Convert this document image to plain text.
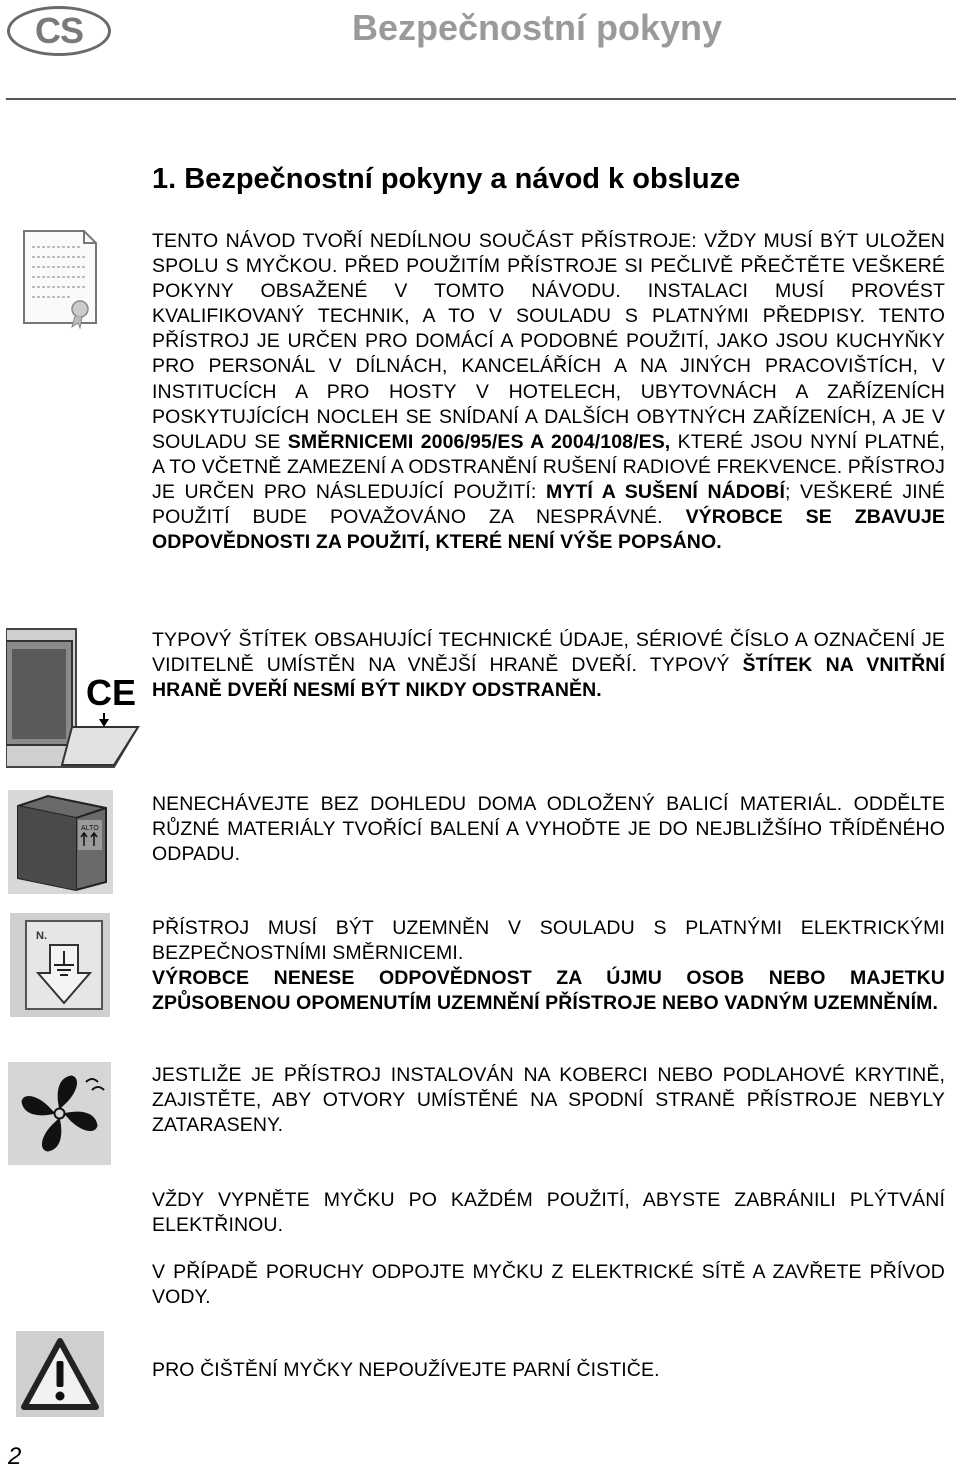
CS	Bezpečnostní pokyny
1. Bezpečnostní pokyny a návod k obsluze
CE
ALTO
N.
TENTO NÁVOD TVOŘÍ NEDÍLNOU SOUČÁST PŘÍSTROJE: VŽDY MUSÍ BÝT ULOŽEN SPOLU S MYČKOU. PŘED POUŽITÍM PŘÍSTROJE SI PEČLIVĚ PŘEČTĚTE VEŠKERÉ POKYNY OBSAŽENÉ V TOMTO NÁVODU. INSTALACI MUSÍ PROVÉST KVALIFIKOVANÝ TECHNIK, A TO V SOULADU S PLATNÝMI PŘEDPISY. TENTO PŘÍSTROJ JE URČEN PRO DOMÁCÍ A PODOBNÉ POUŽITÍ, JAKO JSOU KUCHYŇKY PRO PERSONÁL V DÍLNÁCH, KANCELÁŘÍCH A NA JINÝCH PRACOVIŠTÍCH, V INSTITUCÍCH A PRO HOSTY V HOTELECH, UBYTOVNÁCH A ZAŘÍZENÍCH POSKYTUJÍCÍCH NOCLEH SE SNÍDANÍ A DALŠÍCH OBYTNÝCH ZAŘÍZENÍCH, A JE V SOULADU SE SMĚRNICEMI 2006/95/ES A 2004/108/ES, KTERÉ JSOU NYNÍ PLATNÉ, A TO VČETNĚ ZAMEZENÍ A ODSTRANĚNÍ RUŠENÍ RADIOVÉ FREKVENCE. PŘÍSTROJ JE URČEN PRO NÁSLEDUJÍCÍ POUŽITÍ: MYTÍ A SUŠENÍ NÁDOBÍ; VEŠKERÉ JINÉ POUŽITÍ BUDE POVAŽOVÁNO ZA NESPRÁVNÉ. VÝROBCE SE ZBAVUJE ODPOVĚDNOSTI ZA POUŽITÍ, KTERÉ NENÍ VÝŠE POPSÁNO.
TYPOVÝ ŠTÍTEK OBSAHUJÍCÍ TECHNICKÉ ÚDAJE, SÉRIOVÉ ČÍSLO A OZNAČENÍ JE VIDITELNĚ UMÍSTĚN NA VNĚJŠÍ HRANĚ DVEŘÍ. TYPOVÝ ŠTÍTEK NA VNITŘNÍ HRANĚ DVEŘÍ NESMÍ BÝT NIKDY ODSTRANĚN.
NENECHÁVEJTE BEZ DOHLEDU DOMA ODLOŽENÝ BALICÍ MATERIÁL. ODDĚLTE RŮZNÉ MATERIÁLY TVOŘÍCÍ BALENÍ A VYHOĎTE JE DO NEJBLIŽŠÍHO TŘÍDĚNÉHO ODPADU.
PŘÍSTROJ MUSÍ BÝT UZEMNĚN V SOULADU S PLATNÝMI ELEKTRICKÝMI BEZPEČNOSTNÍMI SMĚRNICEMI.
VÝROBCE NENESE ODPOVĚDNOST ZA ÚJMU OSOB NEBO MAJETKU ZPŮSOBENOU OPOMENUTÍM UZEMNĚNÍ PŘÍSTROJE NEBO VADNÝM UZEMNĚNÍM.
JESTLIŽE JE PŘÍSTROJ INSTALOVÁN NA KOBERCI NEBO PODLAHOVÉ KRYTINĚ, ZAJISTĚTE, ABY OTVORY UMÍSTĚNÉ NA SPODNÍ STRANĚ PŘÍSTROJE NEBYLY ZATARASENY.
VŽDY VYPNĚTE MYČKU PO KAŽDÉM POUŽITÍ, ABYSTE ZABRÁNILI PLÝTVÁNÍ ELEKTŘINOU.
V PŘÍPADĚ PORUCHY ODPOJTE MYČKU Z ELEKTRICKÉ SÍTĚ A ZAVŘETE PŘÍVOD VODY.
PRO ČIŠTĚNÍ MYČKY NEPOUŽÍVEJTE PARNÍ ČISTIČE.
2
